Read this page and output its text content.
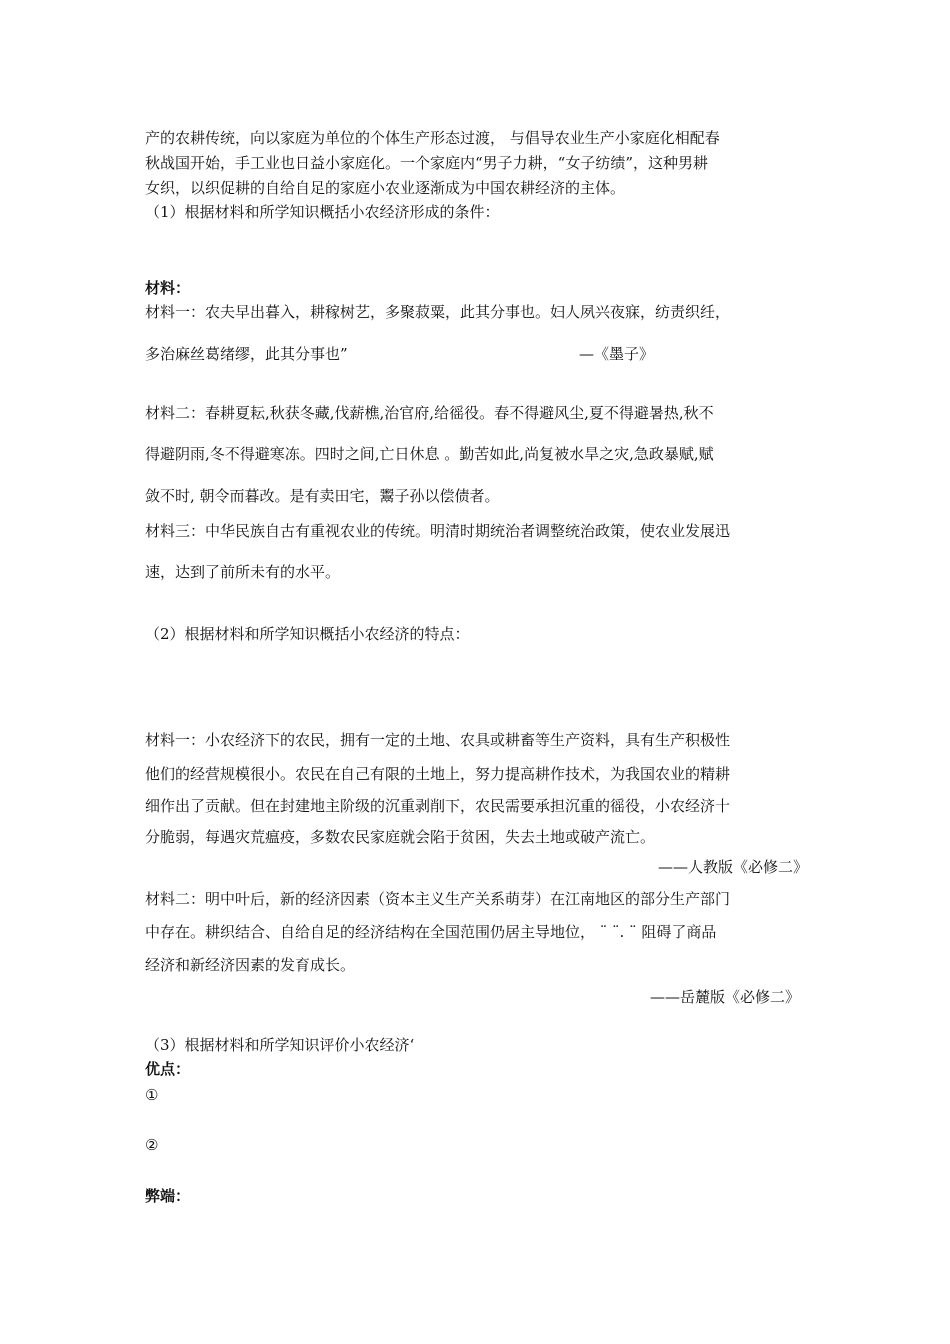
产的农耕传统，向以家庭为单位的个体生产形态过渡， 与倡导农业生产小家庭化相配春
秋战国开始，手工业也日益小家庭化。一个家庭内“男子力耕，“女子纺绩”，这种男耕
女织，以织促耕的自给自足的家庭小农业逐渐成为中国农耕经济的主体。
（1）根据材料和所学知识概括小农经济形成的条件：
材料：
材料一：农夫早出暮入，耕稼树艺，多聚菽粟，此其分事也。妇人夙兴夜寐，纺责织纴，
多治麻丝葛绪缪，此其分事也”	—《墨子》
材料二：春耕夏耘,秋获冬藏,伐薪樵,治官府,给徭役。春不得避风尘,夏不得避暑热,秋不
得避阴雨,冬不得避寒冻。四时之间,亡日休息 。勤苦如此,尚复被水旱之灾,急政暴赋,赋
敛不时, 朝令而暮改。是有卖田宅，鬻子孙以偿债者。
材料三：中华民族自古有重视农业的传统。明清时期统治者调整统治政策，使农业发展迅
速，达到了前所未有的水平。
（2）根据材料和所学知识概括小农经济的特点：
材料一：小农经济下的农民，拥有一定的土地、农具或耕畜等生产资料，具有生产积极性
他们的经营规模很小。农民在自己有限的土地上，努力提高耕作技术，为我国农业的精耕
细作出了贡献。但在封建地主阶级的沉重剥削下，农民需要承担沉重的徭役，小农经济十
分脆弱，每遇灾荒瘟疫，多数农民家庭就会陷于贫困，失去土地或破产流亡。
——人教版《必修二》
材料二：明中叶后，新的经济因素（资本主义生产关系萌芽）在江南地区的部分生产部门
中存在。耕织结合、自给自足的经济结构在全国范围仍居主导地位， ¨ ¨. ¨ 阻碍了商品
经济和新经济因素的发育成长。
——岳麓版《必修二》
（3）根据材料和所学知识评价小农经济‘
优点：
①
②
弊端：
